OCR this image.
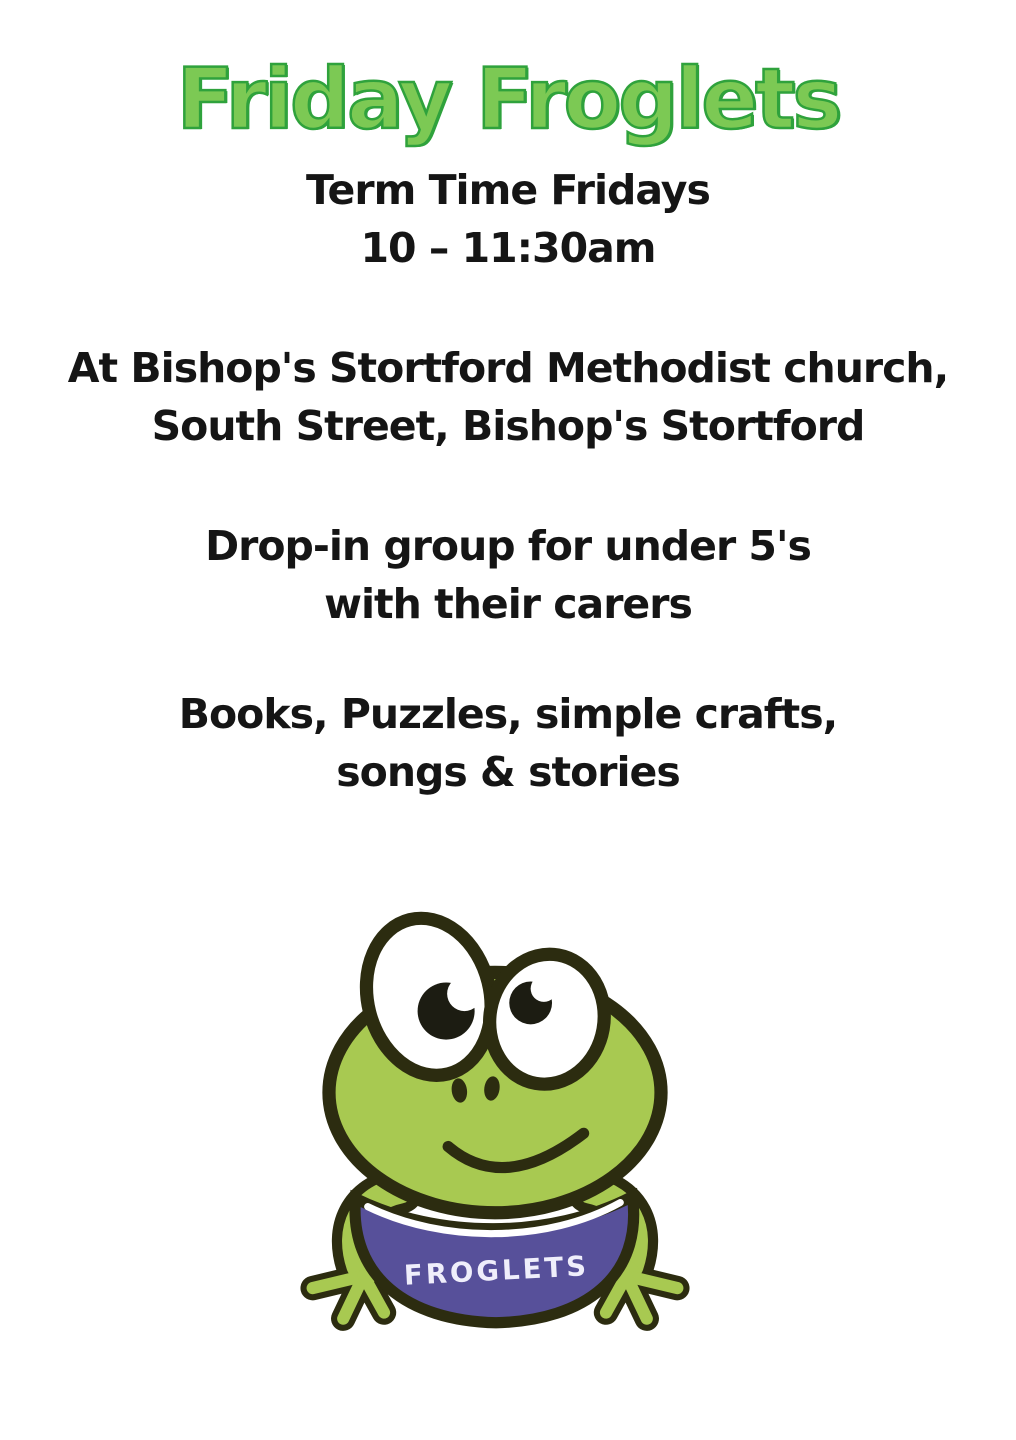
Friday Froglets

Term Time Fridays

10 – 11:30am

At Bishop's Stortford Methodist church,

South Street, Bishop's Stortford

Drop-in group for under 5's

with their carers

Books, Puzzles, simple crafts,

songs & stories

FROGLETS
